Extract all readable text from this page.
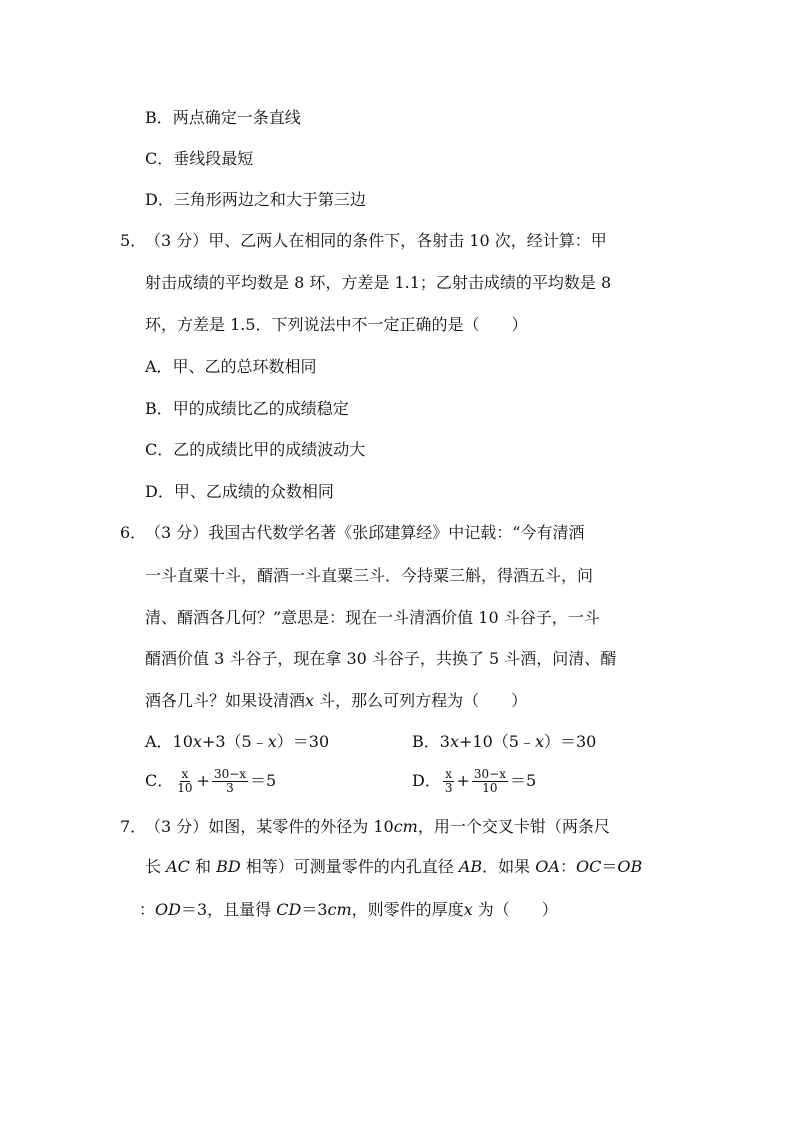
B．两点确定一条直线
C．垂线段最短
D．三角形两边之和大于第三边
5．
（3 分）甲、乙两人在相同的条件下，各射击 10 次，经计算：甲
射击成绩的平均数是 8 环，方差是 1.1；乙射击成绩的平均数是 8
环，方差是 1.5．下列说法中不一定正确的是（　　）
A．甲、乙的总环数相同
B．甲的成绩比乙的成绩稳定
C．乙的成绩比甲的成绩波动大
D．甲、乙成绩的众数相同
6．
（3 分）我国古代数学名著《张邱建算经》中记载：“今有清酒
一斗直粟十斗，醑酒一斗直粟三斗．今持粟三斛，得酒五斗，问
清、醑酒各几何？”意思是：现在一斗清酒价值 10 斗谷子，一斗
醑酒价值 3 斗谷子，现在拿 30 斗谷子，共换了 5 斗酒，问清、醑
酒各几斗？如果设清酒x 斗，那么可列方程为（　　）
A．10x+3（5﹣x）＝30	B．3x+10（5﹣x）＝30
C． $\frac{x}{10} + \frac{30-x}{3} =5$	D． $\frac{x}{3} + \frac{30-x}{10} =5$
7．
（3 分）如图，某零件的外径为 10cm，用一个交叉卡钳（两条尺
长 AC 和 BD 相等）可测量零件的内孔直径 AB．如果 OA：OC＝OB
：OD＝3，且量得 CD＝3cm，则零件的厚度x 为（　　）
